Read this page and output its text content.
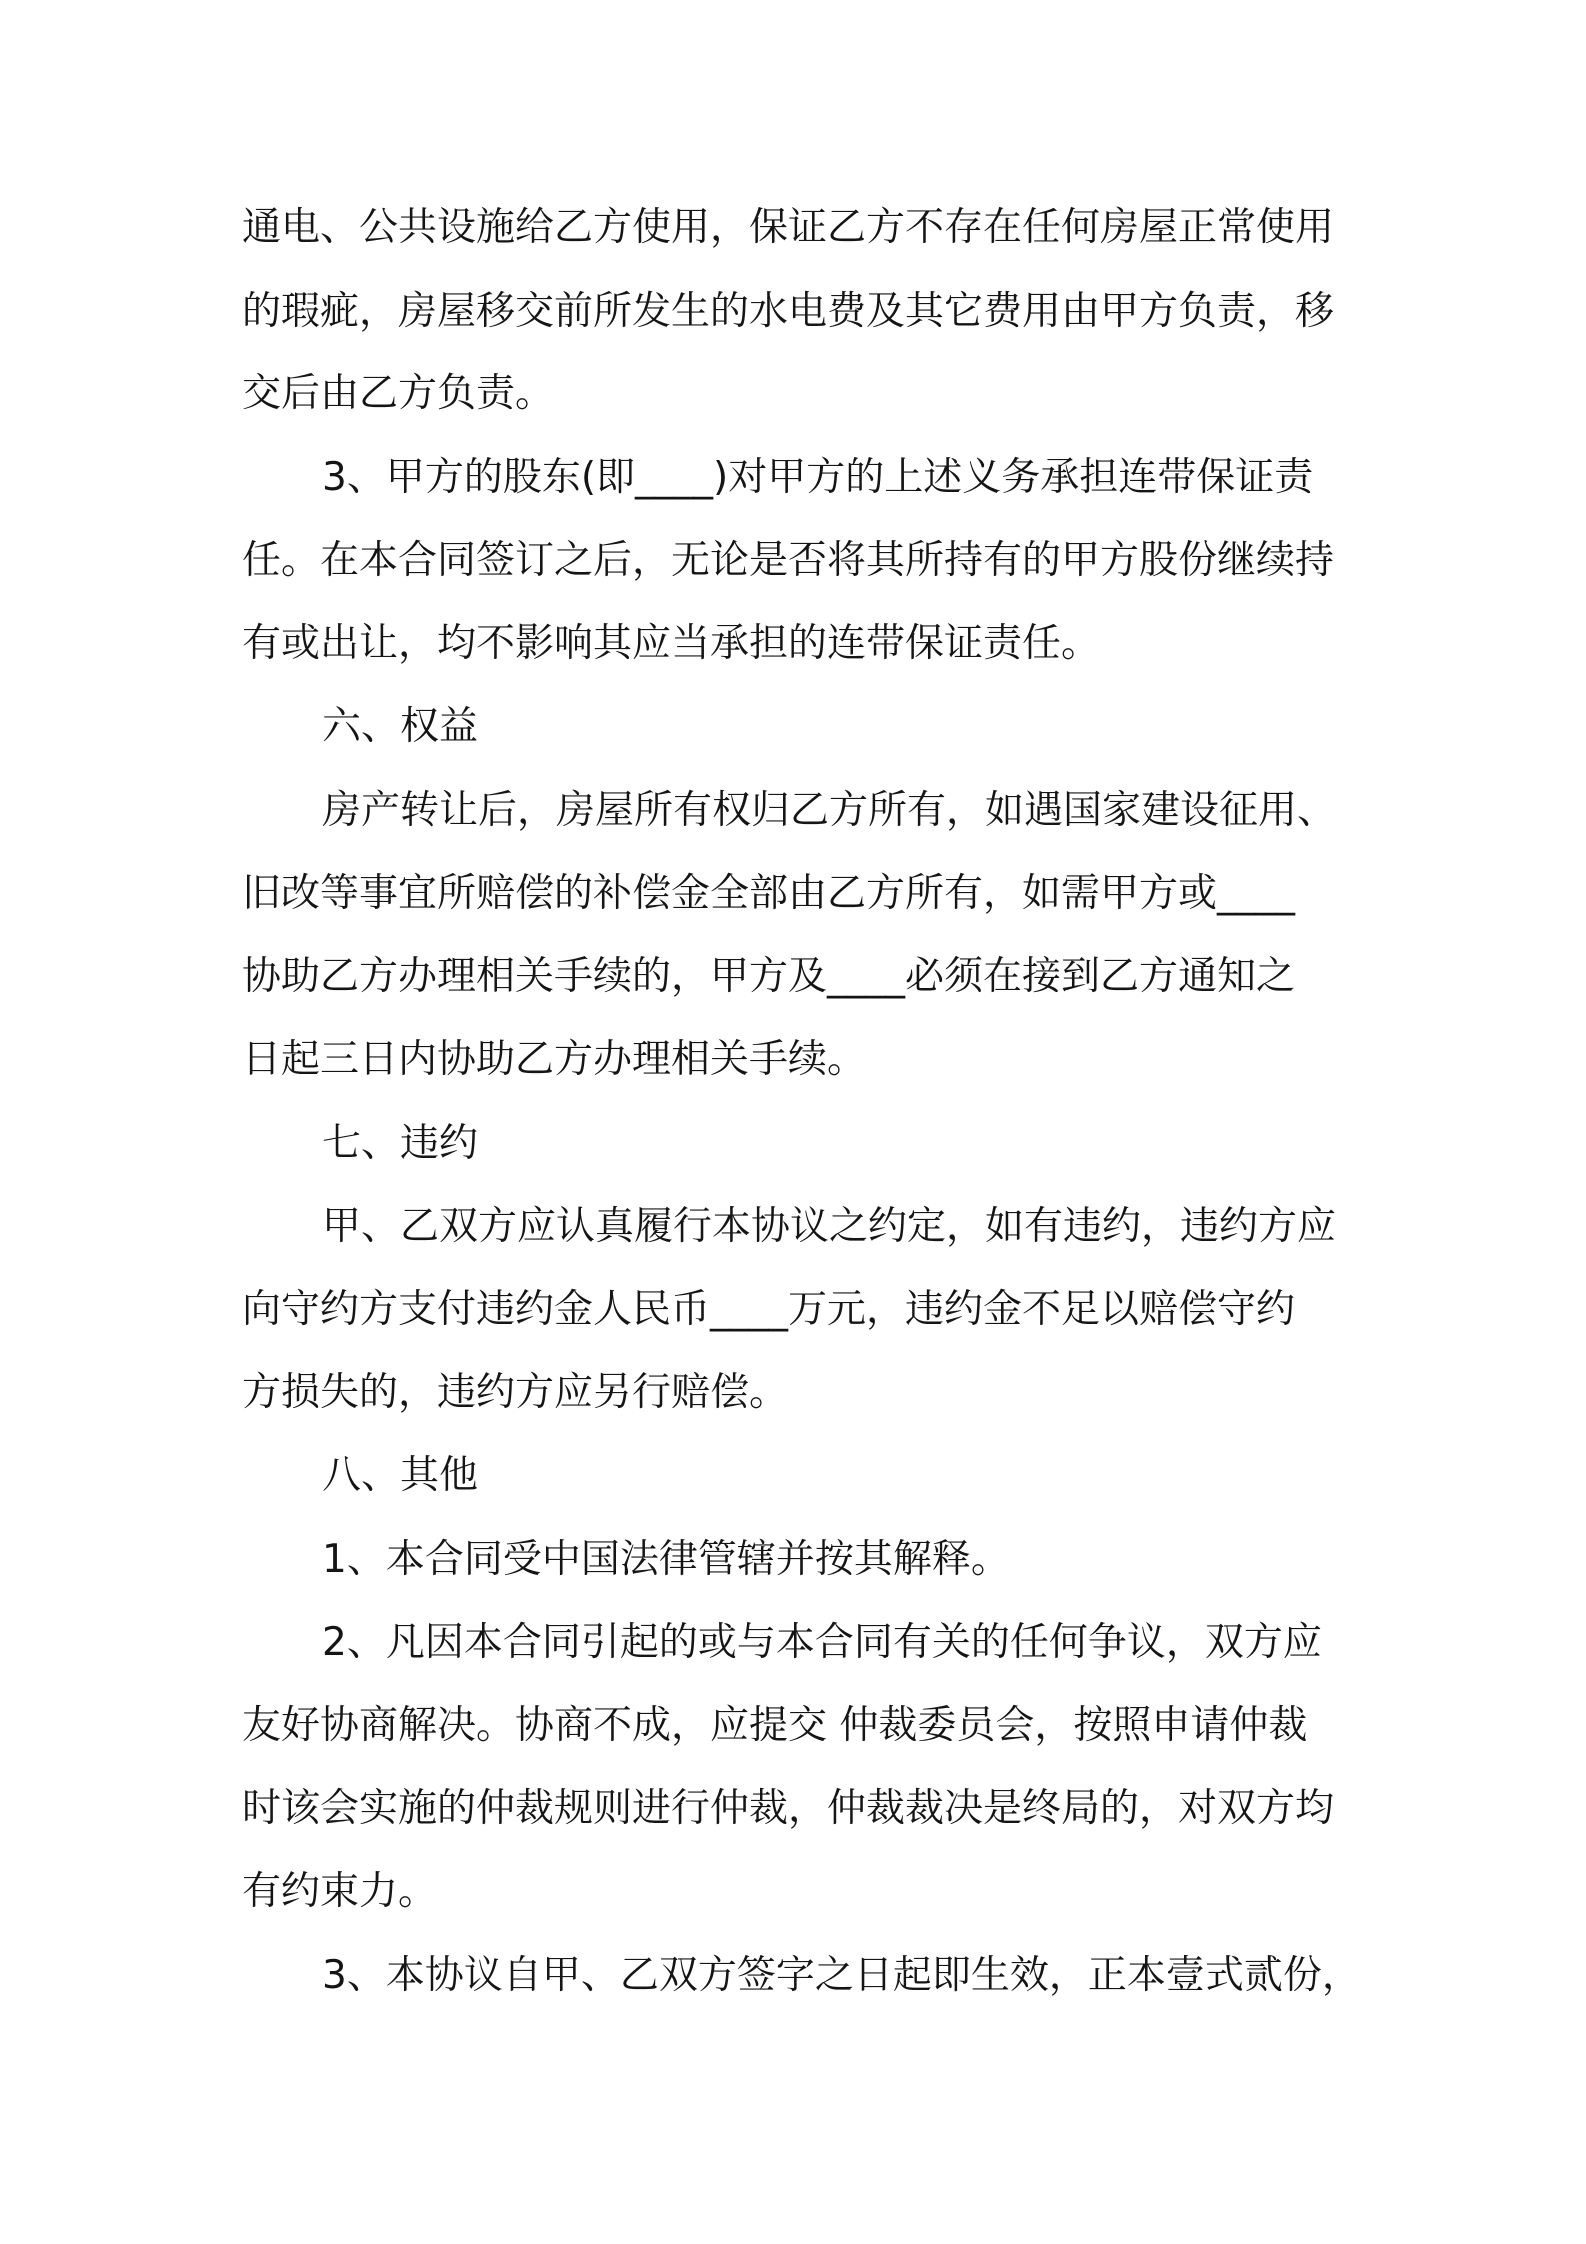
通电、公共设施给乙方使用，保证乙方不存在任何房屋正常使用

的瑕疵，房屋移交前所发生的水电费及其它费用由甲方负责，移

交后由乙方负责。

3、甲方的股东(即____)对甲方的上述义务承担连带保证责

任。在本合同签订之后，无论是否将其所持有的甲方股份继续持

有或出让，均不影响其应当承担的连带保证责任。

六、权益

房产转让后，房屋所有权归乙方所有，如遇国家建设征用、

旧改等事宜所赔偿的补偿金全部由乙方所有，如需甲方或____

协助乙方办理相关手续的，甲方及____必须在接到乙方通知之

日起三日内协助乙方办理相关手续。

七、违约

甲、乙双方应认真履行本协议之约定，如有违约，违约方应

向守约方支付违约金人民币____万元，违约金不足以赔偿守约

方损失的，违约方应另行赔偿。

八、其他

1、本合同受中国法律管辖并按其解释。

2、凡因本合同引起的或与本合同有关的任何争议，双方应

友好协商解决。协商不成，应提交 仲裁委员会，按照申请仲裁

时该会实施的仲裁规则进行仲裁，仲裁裁决是终局的，对双方均

有约束力。

3、本协议自甲、乙双方签字之日起即生效，正本壹式贰份，
